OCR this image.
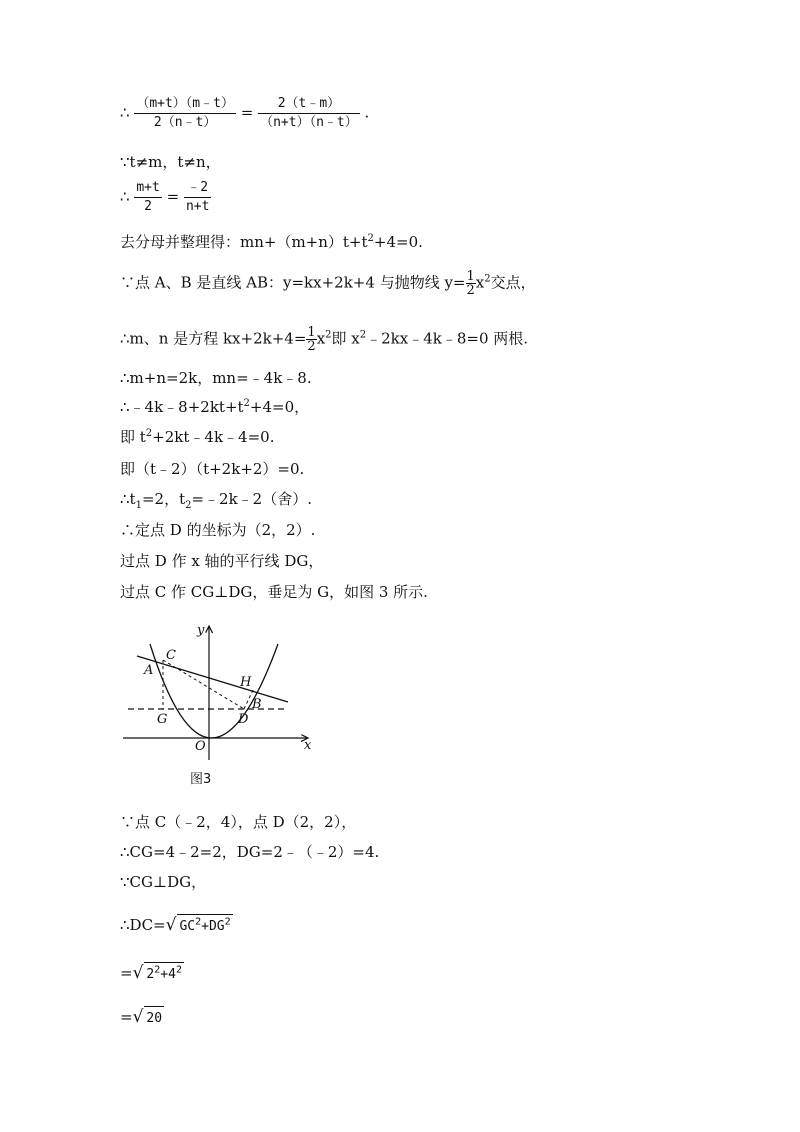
∴ $\frac{(m+t)(m﹣t)}{2(n﹣t)} = \frac{2(t﹣m)}{(n+t)(n﹣t)}$ .
∵t≠m，t≠n，
∴ $\frac{m+t}{2} = \frac{﹣2}{n+t}$
去分母并整理得：$mn+(m+n)t+t^2+4=0$.
∵点 A、B 是直线 AB：y=kx+2k+4 与抛物线 $y= \frac{1}{2} x^2$交点，
∴m、n 是方程 $kx+2k+4= \frac{1}{2} x^2$即 $x^2﹣2kx﹣4k﹣8=0$ 两根.
∴m+n=2k，mn=﹣4k﹣8.
$\therefore﹣4k﹣8+2kt+t^2+4=0$，
即 $t^2+2kt﹣4k﹣4=0$.
即（t﹣2）（t+2k+2）=0.
$\therefore t_1=2$，$t_2=﹣2k﹣2$（舍）.
∴定点 D 的坐标为（2，2）.
过点 D 作 x 轴的平行线 DG，
过点 C 作 CG⊥DG，垂足为 G，如图 3 所示.
y
x
O
A
C
H
B
G	D
图3
∵点 C（﹣2，4），点 D（2，2），
∴CG=4﹣2=2，DG=2﹣（﹣2）=4.
∵CG⊥DG，
∴DC=√ $GC^2+DG^2$
=√ $2^2+4^2$
=√ 20
